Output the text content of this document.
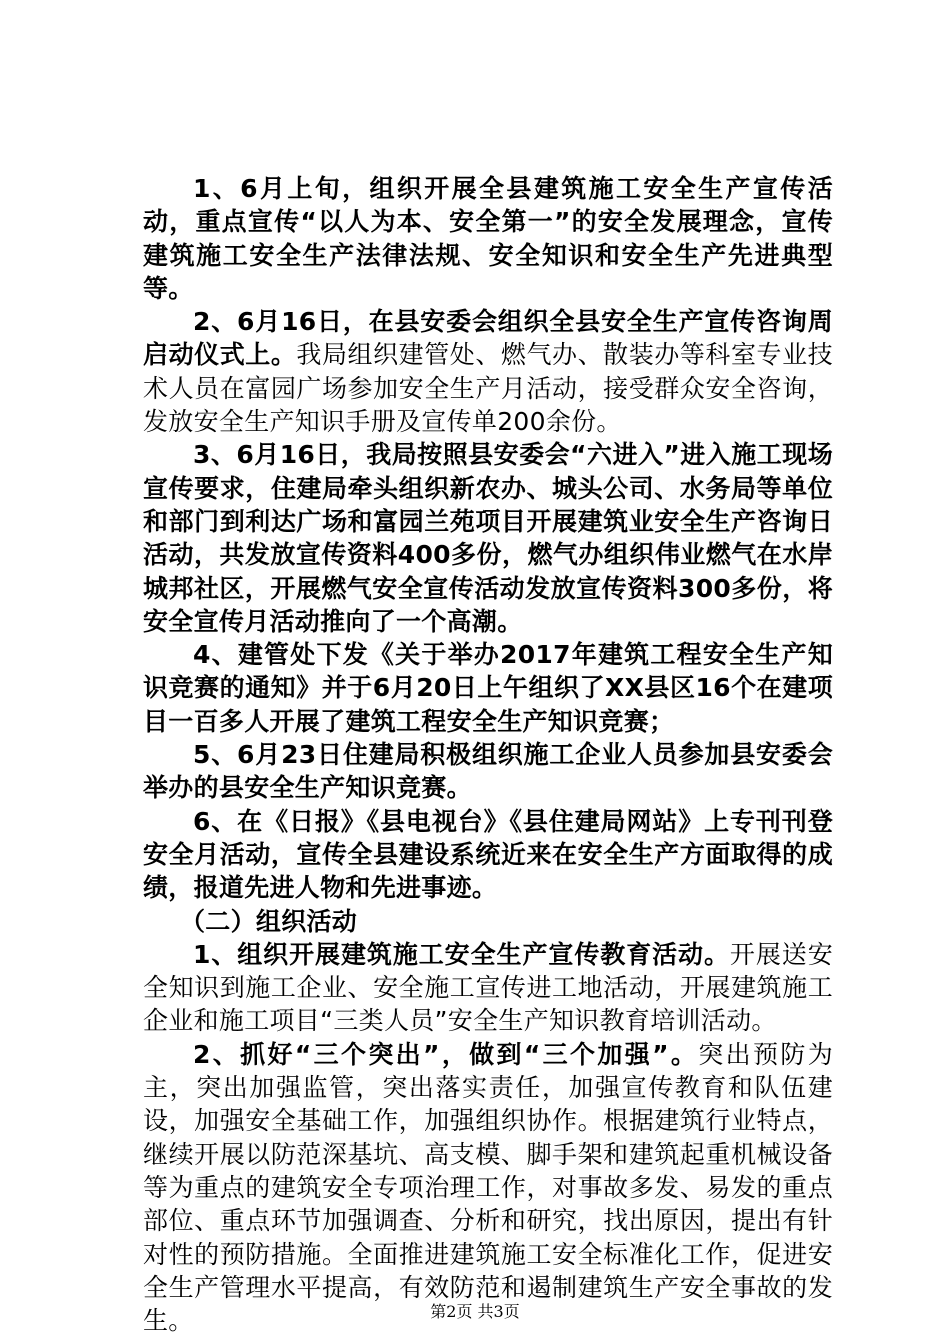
1、6月上旬，组织开展全县建筑施工安全生产宣传活动，重点宣传“以人为本、安全第一”的安全发展理念，宣传建筑施工安全生产法律法规、安全知识和安全生产先进典型等。

2、6月16日，在县安委会组织全县安全生产宣传咨询周启动仪式上。我局组织建管处、燃气办、散装办等科室专业技术人员在富园广场参加安全生产月活动，接受群众安全咨询，发放安全生产知识手册及宣传单200余份。

3、6月16日，我局按照县安委会“六进入”进入施工现场宣传要求，住建局牵头组织新农办、城头公司、水务局等单位和部门到利达广场和富园兰苑项目开展建筑业安全生产咨询日活动，共发放宣传资料400多份，燃气办组织伟业燃气在水岸城邦社区，开展燃气安全宣传活动发放宣传资料300多份，将安全宣传月活动推向了一个高潮。

4、建管处下发《关于举办2017年建筑工程安全生产知识竞赛的通知》并于6月20日上午组织了XX县区16个在建项目一百多人开展了建筑工程安全生产知识竞赛；

5、6月23日住建局积极组织施工企业人员参加县安委会举办的县安全生产知识竞赛。

6、在《日报》《县电视台》《县住建局网站》上专刊刊登安全月活动，宣传全县建设系统近来在安全生产方面取得的成绩，报道先进人物和先进事迹。

（二）组织活动

1、组织开展建筑施工安全生产宣传教育活动。开展送安全知识到施工企业、安全施工宣传进工地活动，开展建筑施工企业和施工项目“三类人员”安全生产知识教育培训活动。

2、抓好“三个突出”，做到“三个加强”。突出预防为主，突出加强监管，突出落实责任，加强宣传教育和队伍建设，加强安全基础工作，加强组织协作。根据建筑行业特点，继续开展以防范深基坑、高支模、脚手架和建筑起重机械设备等为重点的建筑安全专项治理工作，对事故多发、易发的重点部位、重点环节加强调查、分析和研究，找出原因，提出有针对性的预防措施。全面推进建筑施工安全标准化工作，促进安全生产管理水平提高，有效防范和遏制建筑生产安全事故的发生。	第2页 共3页
